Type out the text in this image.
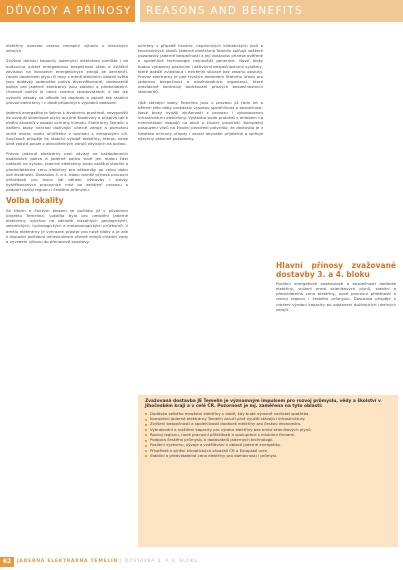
DŮVODY A PŘÍNOSY REASONS AND BENEFITS

elektřiny namísto cestou nenaplní výhodu v klasických zdrojích.

Zvýšení domácí kapacity jaderných elektráren pomůže i do budoucna udržet energetickou bezpečnost státu a zvláštní závislost na dovozech energetických zdrojů ze zahraničí. Oproti dodávkám plynu či ropy z méně stabilních oblastí světa jsou dodávky jaderného paliva diverzifikované, dodavatelé paliva pro jaderné elektrárny jsou stabilní a předvídatelní. Uranové palivo je navíc snadno skladovatelné, a tak lze vytvořit zásoby na několik let dopředu a zajistit tak stabilní provoz elektrárny i v době případných výpadků dodávek.

Jaderná energetika je šetrná k životnímu prostředí, nevypouští do ovzduší skleníkové plyny ani jiné škodliviny a přispívá tak k plnění závazků v oblasti ochrany klimatu. Elektrárny Temelín s dalšími bloky nahradí dožívající uhelné zdroje a pomohou snížit emise oxidu uhličitého v souladu s evropskými cíli. Současně přispěje ke stabilní výrobě elektřiny, kterou nelze plně zajistit pouze z obnovitelných zdrojů závislých na počasí.

Provoz jaderné elektrárny není závislý na každodenních dodávkách paliva a jaderné palivo tvoří jen malou část nákladů na výrobu. Jaderné elektrárny proto zajišťují stabilní a předvídatelnou cenu elektřiny pro zákazníky po celou dobu své životnosti. Dostavba 3. a 4. bloku rovněž přinese pracovní příležitosti pro tisíce lidí během výstavby i stovky kvalifikovaných pracovních míst po zahájení provozu a podpoří rozvoj regionu i českého průmyslu.

Volba lokality

Se třetím a čtvrtým blokem se počítalo již v původním projektu Temelína. Lokalita byla pro umístění jaderné elektrárny vybrána na základě rozsáhlých geologických, seismických, hydrologických a meteorologických průzkumů. V areálu elektrárny je vyhrazen prostor pro nové bloky a je zde k dispozici potřebná infrastruktura včetně zdrojů chladicí vody a vyvedení výkonu do přenosové soustavy.

ochrany v případě havárie, nepříznivých klimatických jevů a teroristických útoků. Jaderná elektrárna Temelín splňuje veškeré požadavky jaderné bezpečnosti a její dostavba přinese ověřené a spolehlivé technologie nejnovější generace. Nové bloky budou vybaveny pasivními i aktivními bezpečnostními systémy, které dokáží zvládnout i extrémní situace bez zásahu obsluhy. Provoz elektrárny je pod trvalým dohledem Státního úřadu pro jadernou bezpečnost a mezinárodních organizací, které pravidelně kontrolují dodržování přísných bezpečnostních standardů.

Obě stávající bloky Temelína jsou v provozu již řadu let a během této doby prokázaly vysokou spolehlivost a bezpečnost. Nové bloky využijí zkušenosti z provozu i vybudovanou infrastrukturu elektrárny. Výstavba bude probíhat s ohledem na minimalizaci dopadů na okolí a životní prostředí. Kompletní posouzení vlivů na životní prostředí potvrdilo, že dostavba je z hlediska ochrany přírody i zdraví obyvatel přijatelná a splňuje všechny zákonné požadavky.

Hlavní přínosy zvažované dostavby 3. a 4. bloku

Posílení energetické nezávislosti a bezpečnosti dodávek elektřiny, snížení emisí skleníkových plynů, stabilní a předvídatelná cena elektřiny, nové pracovní příležitosti a rozvoj regionu i českého průmyslu. Dostavba přispěje k udržení výrobní kapacity po odstavení dožívajících uhelných zdrojů.

Zvažovaná dostavba JE Temelín je významným impulsem pro rozvoj průmyslu, vědy a školství v Jihočeském kraji a v celé ČR. Pozornost je mj. zaměřena na tyto oblasti:
Dodávka velkého množství elektřiny v době, kdy bude výrazně narůstat spotřeba.
Kompletní jaderné elektrárny Temelín zaručí plné využití stávající infrastruktury.
Zvýšení bezpečnosti a spolehlivosti dodávek elektřiny pro českou ekonomiku.
Vybudování a rozšíření kapacity pro výrobu elektřiny bez emisí skleníkových plynů.
Rozvoj regionu, nové pracovní příležitosti a spolupráce s místními firmami.
Podpora českého průmyslu a dodavatelů jaderných technologií.
Posílení výzkumu, vývoje a vzdělávání v oblasti jaderné energetiky.
Příspěvek k plnění klimatických závazků ČR a Evropské unie.
Stabilní a předvídatelná cena elektřiny pro domácnosti i průmysl.
62	JADERNÁ ELEKTRÁRNA TEMELÍN | DOSTAVBA 3. A 4. BLOKU
